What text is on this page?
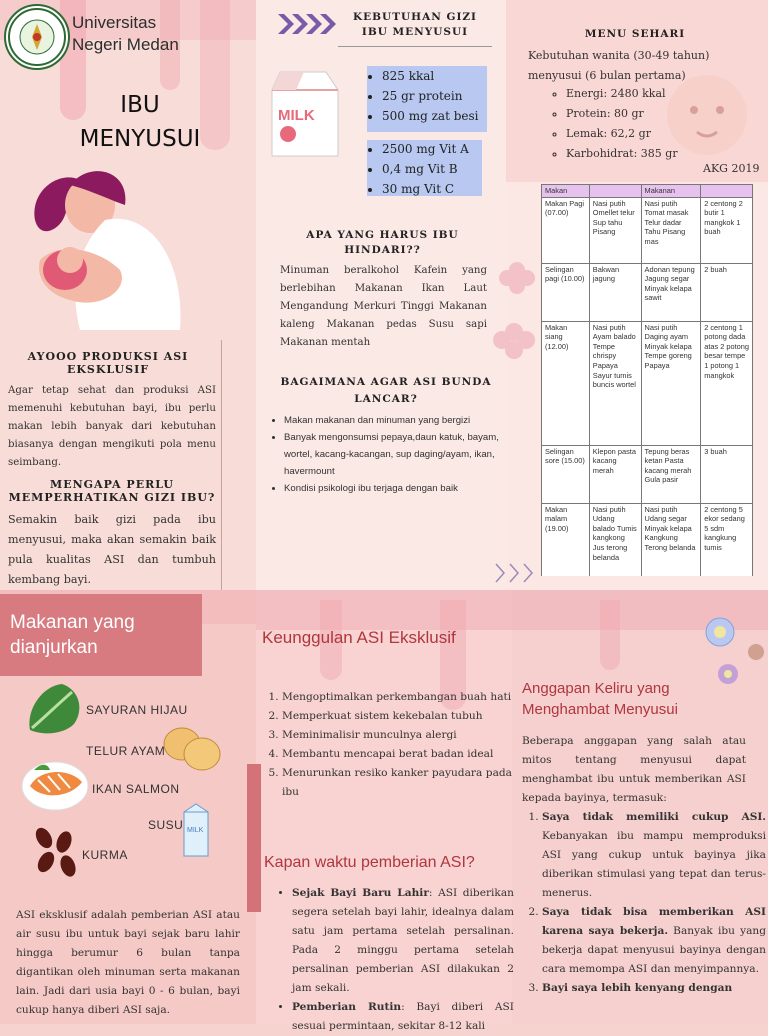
Universitas
Negeri Medan
IBU
MENYUSUI
AYOOO PRODUKSI ASI EKSKLUSIF
Agar tetap sehat dan produksi ASI memenuhi kebutuhan bayi, ibu perlu makan lebih banyak dari kebutuhan biasanya dengan mengikuti pola menu seimbang.
MENGAPA PERLU MEMPERHATIKAN GIZI IBU?
Semakin baik gizi pada ibu menyusui, maka akan semakin baik pula kualitas ASI dan tumbuh kembang bayi.
KEBUTUHAN GIZI IBU MENYUSUI
MILK
• 825 kkal
• 25 gr protein
• 500 mg zat besi
• 2500 mg Vit A
• 0,4 mg Vit B
• 30 mg Vit C
APA YANG HARUS IBU HINDARI??
Minuman beralkohol Kafein yang berlebihan Makanan Ikan Laut Mengandung Merkuri Tinggi Makanan kaleng Makanan pedas Susu sapi Makanan mentah
BAGAIMANA AGAR ASI BUNDA LANCAR?
• Makan makanan dan minuman yang bergizi
• Banyak mengonsumsi pepaya,daun katuk, bayam, wortel, kacang-kacangan, sup daging/ayam, ikan, havermount
• Kondisi psikologi ibu terjaga dengan baik
MENU SEHARI
Kebutuhan wanita (30-49 tahun) menyusui (6 bulan pertama)
◦ Energi: 2480 kkal
◦ Protein: 80 gr
◦ Lemak: 62,2 gr
◦ Karbohidrat: 385 gr
AKG 2019
Makan		Makanan	
Makan Pagi (07.00)	Nasi putih Omellet telur Sup tahu Pisang	Nasi putih Tomat masak Telur dadar Tahu Pisang mas	2 centong 2 butir 1 mangkok 1 buah
Selingan pagi (10.00)	Bakwan jagung	Adonan tepung Jagung segar Minyak kelapa sawit	2 buah
Makan siang (12.00)	Nasi putih Ayam balado Tempe chrispy Papaya Sayur tumis buncis wortel	Nasi putih Daging ayam Minyak kelapa Tempe goreng Papaya	2 centong 1 potong dada atas 2 potong besar tempe 1 potong 1 mangkok
Selingan sore (15.00)	Klepon pasta kacang merah	Tepung beras ketan Pasta kacang merah Gula pasir	3 buah
Makan malam (19.00)	Nasi putih Udang balado Tumis kangkong Jus terong belanda	Nasi putih Udang segar Minyak kelapa Kangkung Terong belanda	2 centong 5 ekor sedang 5 sdm kangkung tumis
Makanan yang
dianjurkan
SAYURAN HIJAU
TELUR AYAM
IKAN SALMON
SUSU MILK
KURMA
ASI eksklusif adalah pemberian ASI atau air susu ibu untuk bayi sejak baru lahir hingga berumur 6 bulan tanpa digantikan oleh minuman serta makanan lain. Jadi dari usia bayi 0 - 6 bulan, bayi cukup hanya diberi ASI saja.
Keunggulan ASI Eksklusif
1. Mengoptimalkan perkembangan buah hati
2. Memperkuat sistem kekebalan tubuh
3. Meminimalisir munculnya alergi
4. Membantu mencapai berat badan ideal
5. Menurunkan resiko kanker payudara pada ibu
Kapan waktu pemberian ASI?
• Sejak Bayi Baru Lahir: ASI diberikan segera setelah bayi lahir, idealnya dalam satu jam pertama setelah persalinan. Pada 2 minggu pertama setelah persalinan pemberian ASI dilakukan 2 jam sekali.
• Pemberian Rutin: Bayi diberi ASI sesuai permintaan, sekitar 8-12 kali
Anggapan Keliru yang Menghambat Menyusui
Beberapa anggapan yang salah atau mitos tentang menyusui dapat menghambat ibu untuk memberikan ASI kepada bayinya, termasuk:
1. Saya tidak memiliki cukup ASI. Kebanyakan ibu mampu memproduksi ASI yang cukup untuk bayinya jika diberikan stimulasi yang tepat dan terus-menerus.
2. Saya tidak bisa memberikan ASI karena saya bekerja. Banyak ibu yang bekerja dapat menyusui bayinya dengan cara memompa ASI dan menyimpannya.
3. Bayi saya lebih kenyang dengan
